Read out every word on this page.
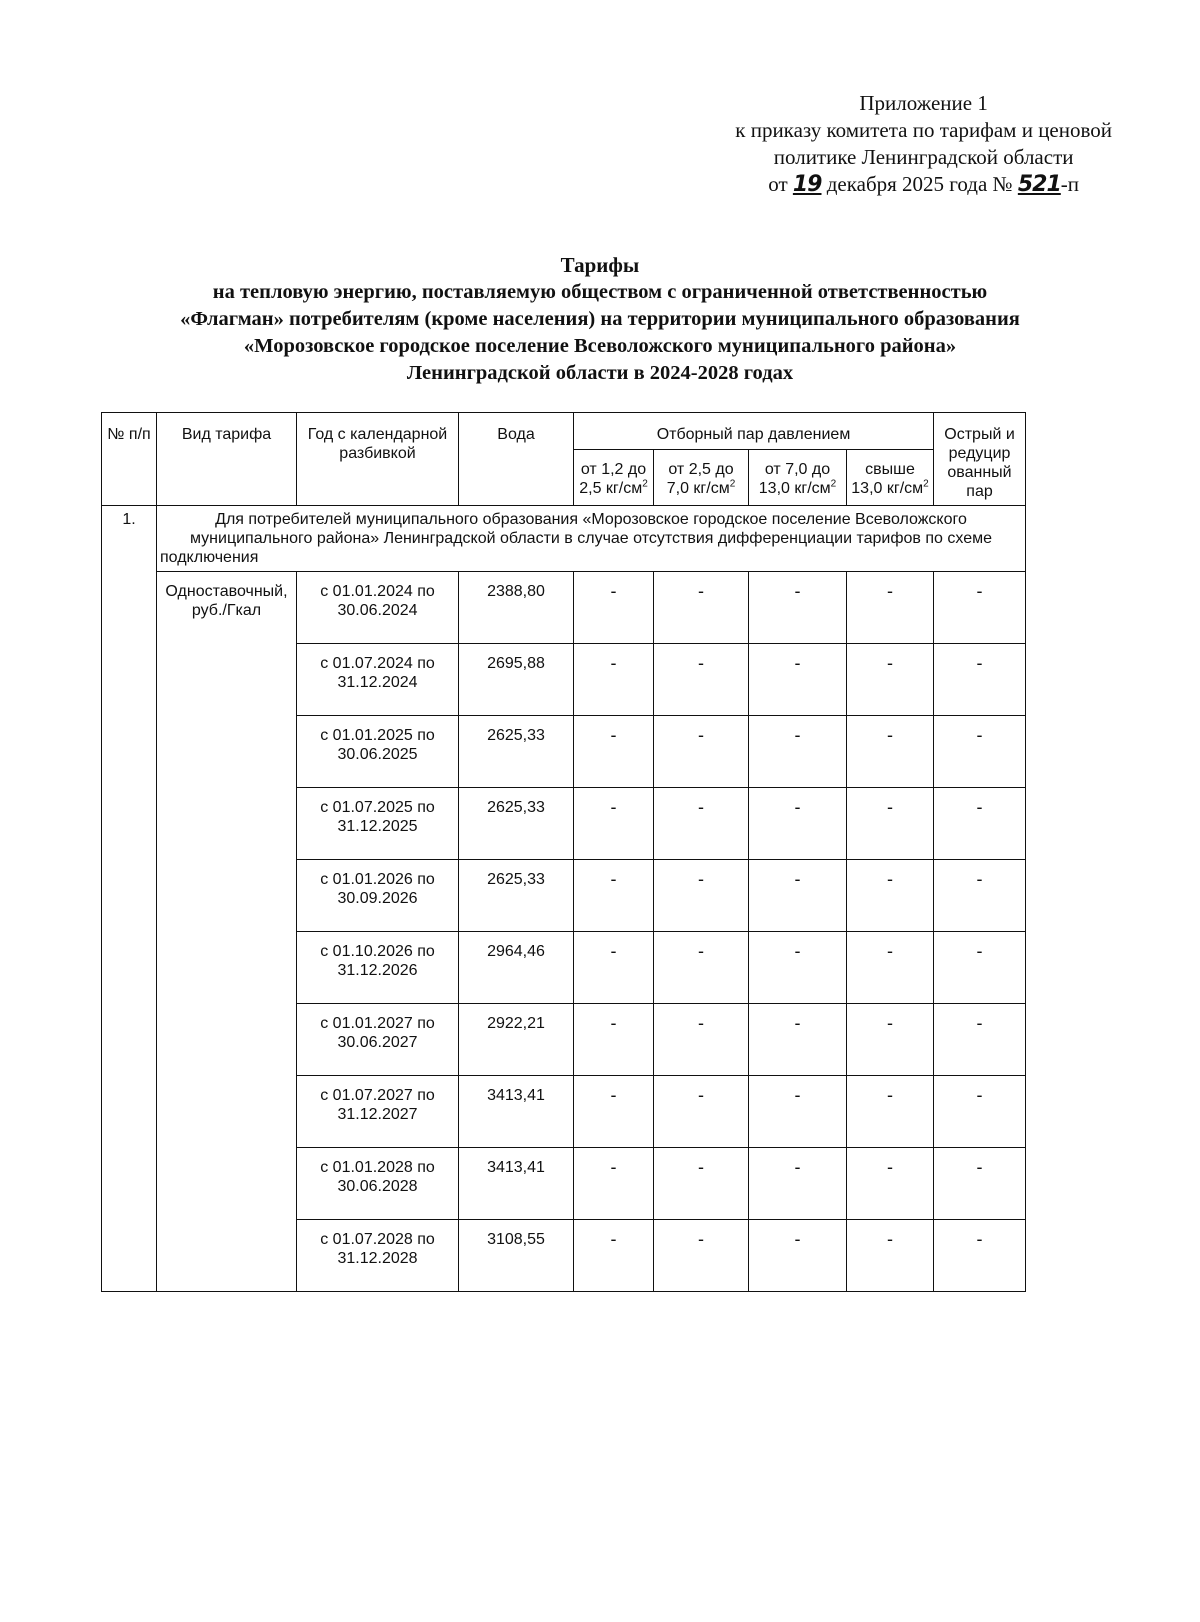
Приложение 1
к приказу комитета по тарифам и ценовой
политике Ленинградской области
от 19 декабря 2025 года № 521-п
Тарифы
на тепловую энергию, поставляемую обществом с ограниченной ответственностью
«Флагман» потребителям (кроме населения) на территории муниципального образования
«Морозовское городское поселение Всеволожского муниципального района»
Ленинградской области в 2024-2028 годах
№ п/п	Вид тарифа	Год с календарной разбивкой	Вода	Отборный пар давлением				Острый и редуцир ованный пар
				от 1,2 до 2,5 $кг/см^2$	от 2,5 до 7,0 $кг/см^2$	от 7,0 до 13,0 $кг/см^2$	свыше 13,0 $кг/см^2$
1.	Для потребителей муниципального образования «Морозовское городское поселение Всеволожского муниципального района» Ленинградской области в случае отсутствия дифференциации тарифов по схеме подключения							
	Одноставочный, руб./Гкал	с 01.01.2024 по 30.06.2024	2388,80	-	-	-	-	-
		с 01.07.2024 по 31.12.2024	2695,88	-	-	-	-	-
		с 01.01.2025 по 30.06.2025	2625,33	-	-	-	-	-
		с 01.07.2025 по 31.12.2025	2625,33	-	-	-	-	-
		с 01.01.2026 по 30.09.2026	2625,33	-	-	-	-	-
		с 01.10.2026 по 31.12.2026	2964,46	-	-	-	-	-
		с 01.01.2027 по 30.06.2027	2922,21	-	-	-	-	-
		с 01.07.2027 по 31.12.2027	3413,41	-	-	-	-	-
		с 01.01.2028 по 30.06.2028	3413,41	-	-	-	-	-
		с 01.07.2028 по 31.12.2028	3108,55	-	-	-	-	-
